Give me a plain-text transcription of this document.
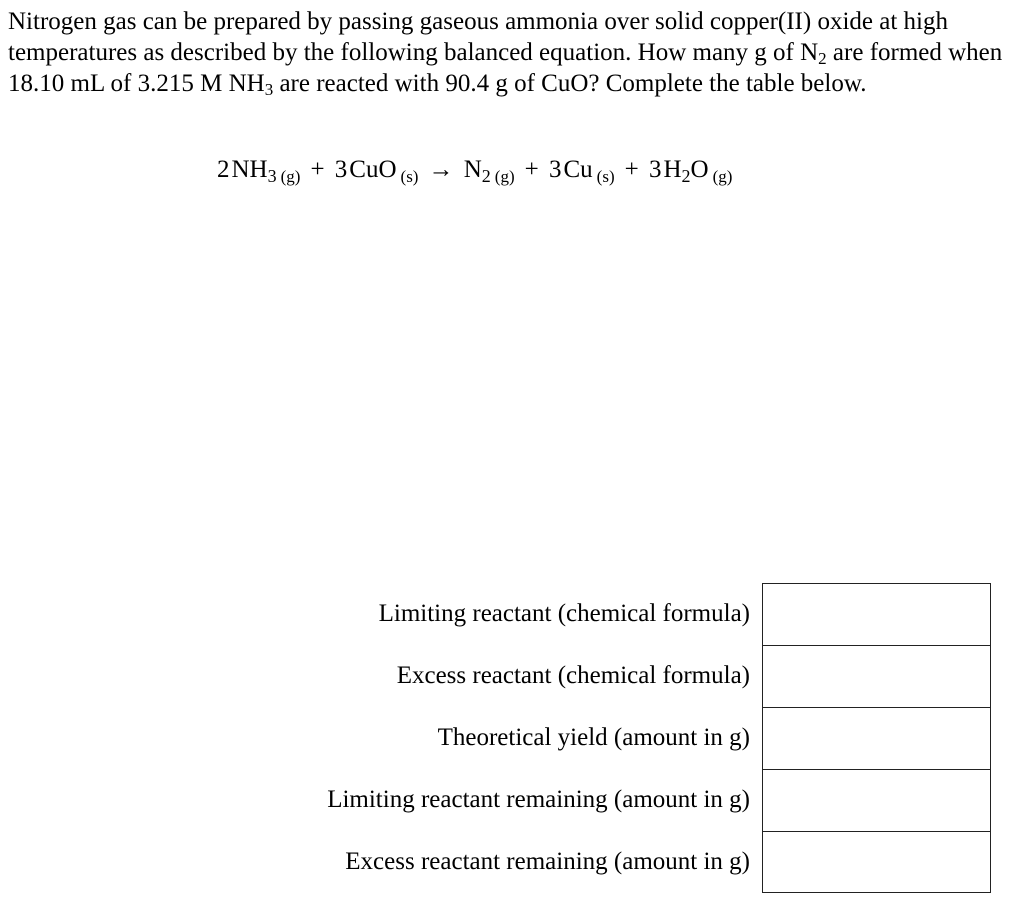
Nitrogen gas can be prepared by passing gaseous ammonia over solid copper(II) oxide at high temperatures as described by the following balanced equation. How many g of $N_2$ are formed when 18.10 mL of 3.215 M $NH_3$ are reacted with 90.4 g of CuO? Complete the table below.

$2NH_3$ $_{(g)}$ + 3CuO $_{(s)} \to N_2$ $_{(g)}$ + 3Cu $_{(s)} + 3H_2O$ $_{(g)}$
Limiting reactant (chemical formula)
Excess reactant (chemical formula)
Theoretical yield (amount in g)
Limiting reactant remaining (amount in g)
Excess reactant remaining (amount in g)
